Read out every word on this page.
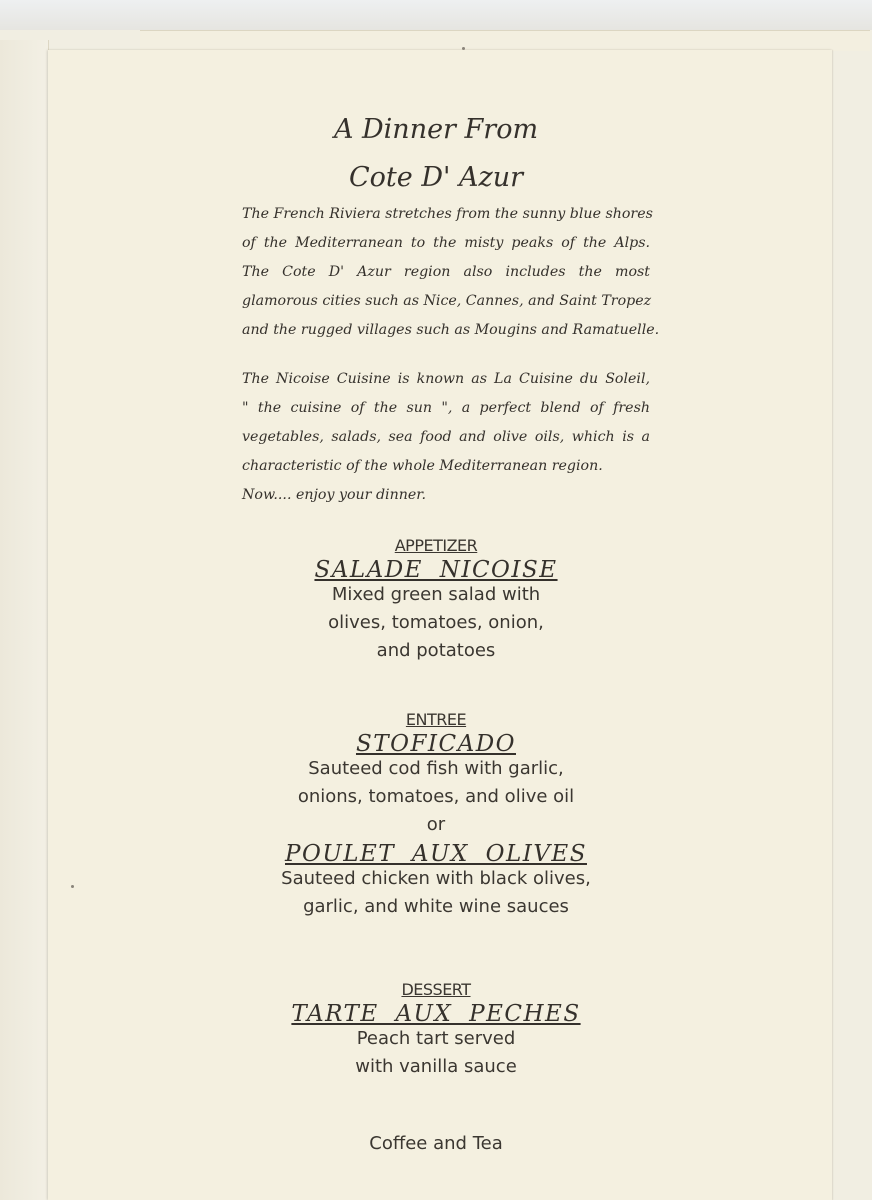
A Dinner From
Cote D' Azur
The French Riviera stretches from the sunny blue shores
of the Mediterranean to the misty peaks of the Alps.
The Cote D' Azur region also includes the most
glamorous cities such as Nice, Cannes, and Saint Tropez
and the rugged villages such as Mougins and Ramatuelle.
The Nicoise Cuisine is known as La Cuisine du Soleil,
" the cuisine of the sun ", a perfect blend of fresh
vegetables, salads, sea food and olive oils, which is a
characteristic of the whole Mediterranean region.
Now.... enjoy your dinner.
APPETIZER
SALADE NICOISE
Mixed green salad with
olives, tomatoes, onion,
and potatoes
ENTREE
STOFICADO
Sauteed cod fish with garlic,
onions, tomatoes, and olive oil
or
POULET AUX OLIVES
Sauteed chicken with black olives,
garlic, and white wine sauces
DESSERT
TARTE AUX PECHES
Peach tart served
with vanilla sauce
Coffee and Tea
